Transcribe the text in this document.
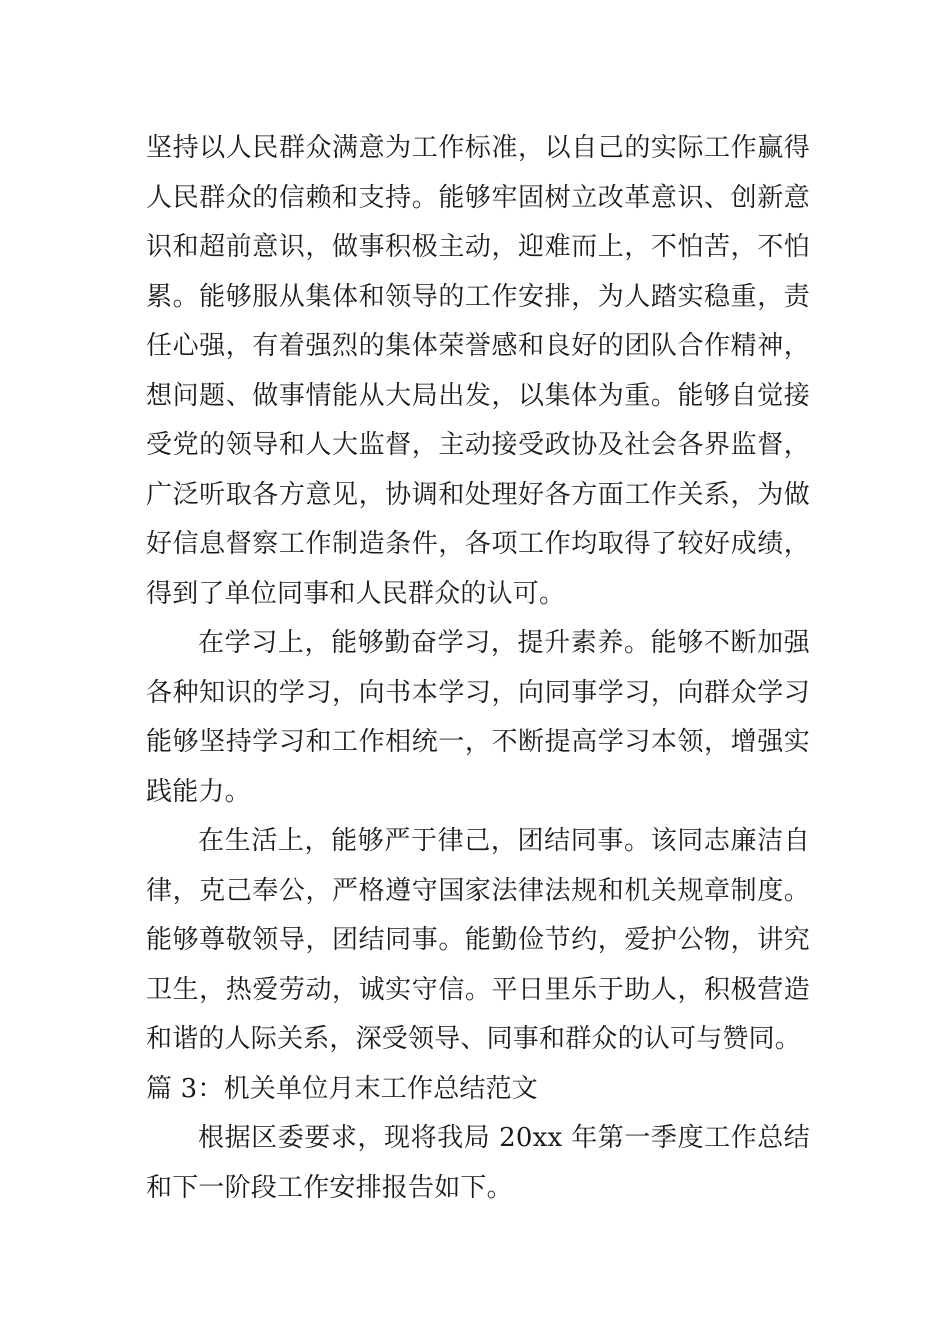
坚持以人民群众满意为工作标准，以自己的实际工作赢得人民群众的信赖和支持。能够牢固树立改革意识、创新意识和超前意识，做事积极主动，迎难而上，不怕苦，不怕累。能够服从集体和领导的工作安排，为人踏实稳重，责任心强，有着强烈的集体荣誉感和良好的团队合作精神，想问题、做事情能从大局出发，以集体为重。能够自觉接受党的领导和人大监督，主动接受政协及社会各界监督，广泛听取各方意见，协调和处理好各方面工作关系，为做好信息督察工作制造条件，各项工作均取得了较好成绩，得到了单位同事和人民群众的认可。

在学习上，能够勤奋学习，提升素养。能够不断加强各种知识的学习，向书本学习，向同事学习，向群众学习能够坚持学习和工作相统一，不断提高学习本领，增强实践能力。

在生活上，能够严于律己，团结同事。该同志廉洁自律，克己奉公，严格遵守国家法律法规和机关规章制度。能够尊敬领导，团结同事。能勤俭节约，爱护公物，讲究卫生，热爱劳动，诚实守信。平日里乐于助人，积极营造和谐的人际关系，深受领导、同事和群众的认可与赞同。

篇 3：机关单位月末工作总结范文

根据区委要求，现将我局 20xx 年第一季度工作总结和下一阶段工作安排报告如下。
